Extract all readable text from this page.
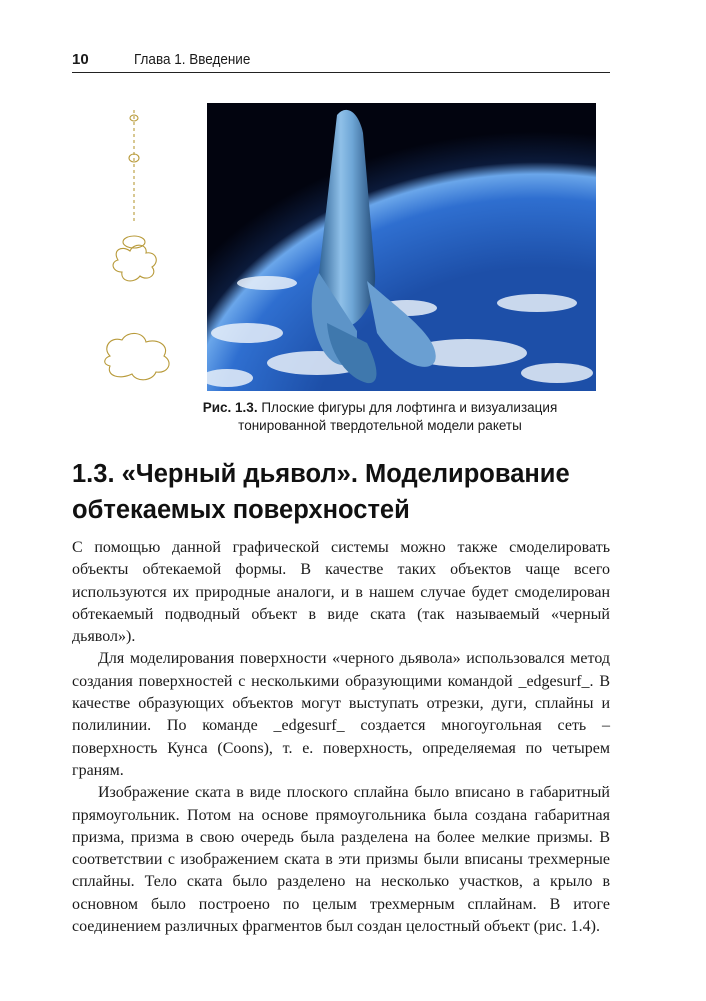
10	Глава 1. Введение
Рис. 1.3. Плоские фигуры для лофтинга и визуализация
тонированной твердотельной модели ракеты
1.3. «Черный дьявол». Моделирование
обтекаемых поверхностей

С помощью данной графической системы можно также смоделировать объекты обтекаемой формы. В качестве таких объектов чаще всего используются их природные аналоги, и в нашем случае будет смоделирован обтекаемый подводный объект в виде ската (так называемый «черный дьявол»).

Для моделирования поверхности «черного дьявола» использовался метод создания поверхностей с несколькими образующими командой _edgesurf_. В качестве образующих объектов могут выступать отрезки, дуги, сплайны и полилинии. По команде _edgesurf_ создается многоугольная сеть – поверхность Кунса (Coons), т. е. поверхность, определяемая по четырем граням.

Изображение ската в виде плоского сплайна было вписано в габаритный прямоугольник. Потом на основе прямоугольника была создана габаритная призма, призма в свою очередь была разделена на более мелкие призмы. В соответствии с изображением ската в эти призмы были вписаны трехмерные сплайны. Тело ската было разделено на несколько участков, а крыло в основном было построено по целым трехмерным сплайнам. В итоге соединением различных фрагментов был создан целостный объект (рис. 1.4).
